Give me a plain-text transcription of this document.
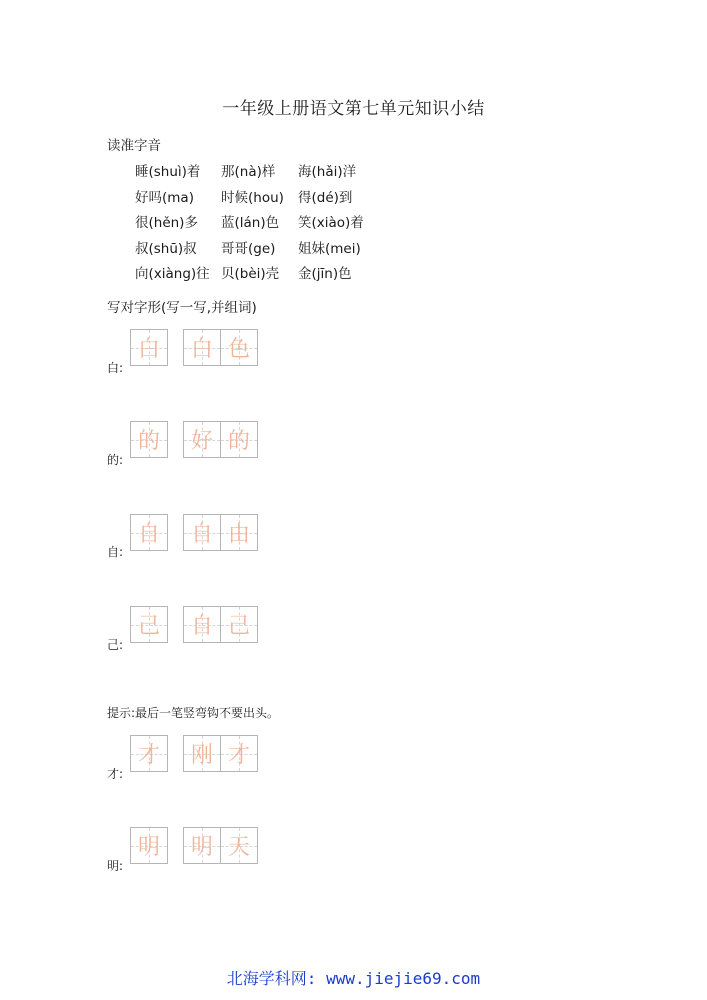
一年级上册语文第七单元知识小结
读准字音
睡(shuì)着 那(nà)样 海(hǎi)洋
好吗(ma) 时候(hou) 得(dé)到
很(hěn)多 蓝(lán)色 笑(xiào)着
叔(shū)叔 哥哥(ge) 姐妹(mei)
向(xiàng)往 贝(bèi)壳 金(jīn)色
写对字形(写一写,并组词)
白:
白	白 色
的:
的	好 的
自:
自	自 由
己:
己	自 己
提示:最后一笔竖弯钩不要出头。
才:
才	刚 才
明:
明	明 天
北海学科网: www.jiejie69.com
